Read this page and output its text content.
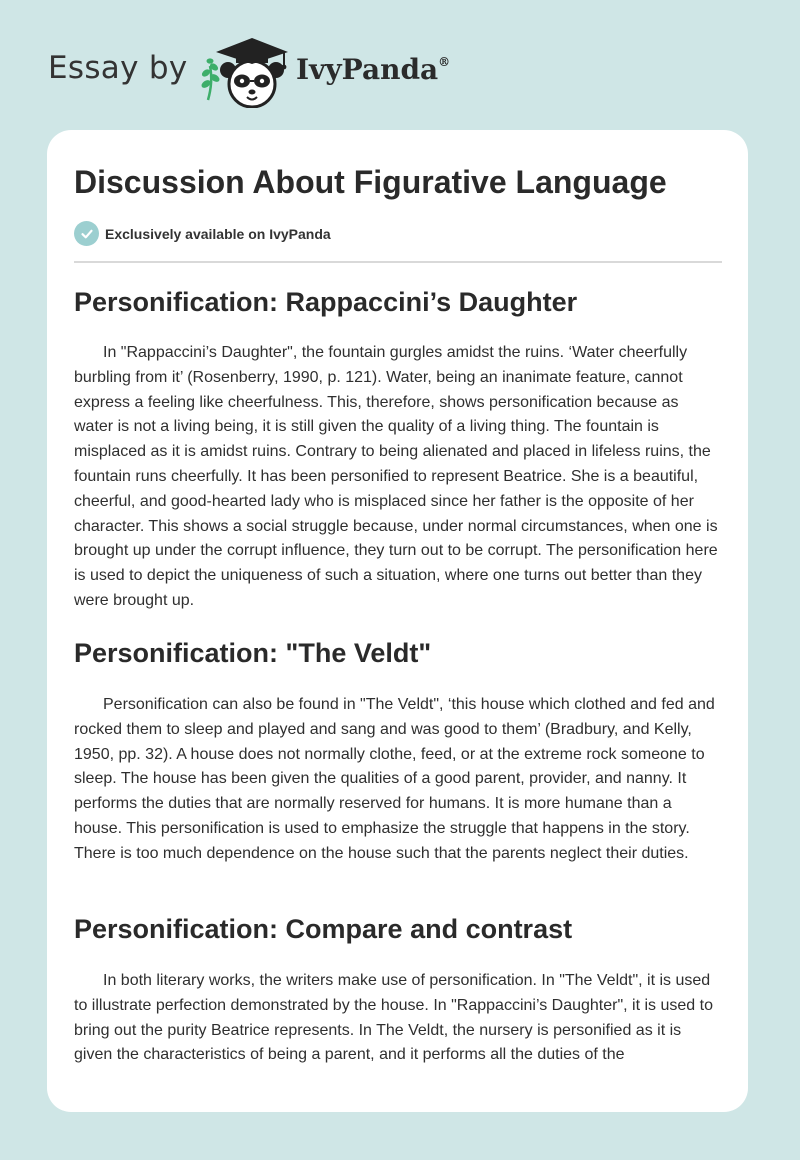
Essay by	IvyPanda®
Discussion About Figurative Language
Exclusively available on IvyPanda
Personification: Rappaccini’s Daughter

In "Rappaccini’s Daughter", the fountain gurgles amidst the ruins. ‘Water cheerfully burbling from it’ (Rosenberry, 1990, p. 121). Water, being an inanimate feature, cannot express a feeling like cheerfulness. This, therefore, shows personification because as water is not a living being, it is still given the quality of a living thing. The fountain is misplaced as it is amidst ruins. Contrary to being alienated and placed in lifeless ruins, the fountain runs cheerfully. It has been personified to represent Beatrice. She is a beautiful, cheerful, and good-hearted lady who is misplaced since her father is the opposite of her character. This shows a social struggle because, under normal circumstances, when one is brought up under the corrupt influence, they turn out to be corrupt. The personification here is used to depict the uniqueness of such a situation, where one turns out better than they were brought up.

Personification: "The Veldt"

Personification can also be found in "The Veldt", ‘this house which clothed and fed and rocked them to sleep and played and sang and was good to them’ (Bradbury, and Kelly, 1950, pp. 32). A house does not normally clothe, feed, or at the extreme rock someone to sleep. The house has been given the qualities of a good parent, provider, and nanny. It performs the duties that are normally reserved for humans. It is more humane than a house. This personification is used to emphasize the struggle that happens in the story. There is too much dependence on the house such that the parents neglect their duties.

Personification: Compare and contrast

In both literary works, the writers make use of personification. In "The Veldt", it is used to illustrate perfection demonstrated by the house. In "Rappaccini’s Daughter", it is used to bring out the purity Beatrice represents. In The Veldt, the nursery is personified as it is given the characteristics of being a parent, and it performs all the duties of the
